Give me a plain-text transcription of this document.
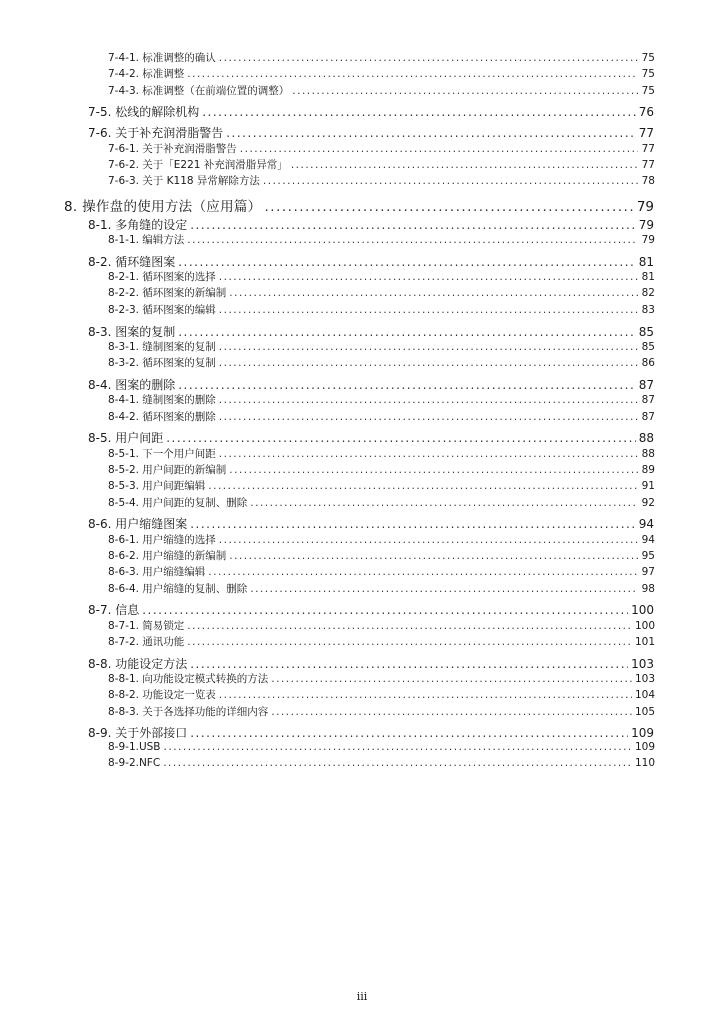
7-4-1. 标准调整的确认 .....	75
7-4-2. 标准调整 .....	75
7-4-3. 标准调整（在前端位置的调整） .....	75
7-5. 松线的解除机构 .....	76
7-6. 关于补充润滑脂警告 .....	77
7-6-1. 关于补充润滑脂警告 .....	77
7-6-2. 关于「E221 补充润滑脂异常」 .....	77
7-6-3. 关于 K118 异常解除方法 .....	78
8. 操作盘的使用方法（应用篇） .....	79
8-1. 多角缝的设定 .....	79
8-1-1. 编辑方法 .....	79
8-2. 循环缝图案 .....	81
8-2-1. 循环图案的选择 .....	81
8-2-2. 循环图案的新编制 .....	82
8-2-3. 循环图案的编辑 .....	83
8-3. 图案的复制 .....	85
8-3-1. 缝制图案的复制 .....	85
8-3-2. 循环图案的复制 .....	86
8-4. 图案的删除 .....	87
8-4-1. 缝制图案的删除 .....	87
8-4-2. 循环图案的删除 .....	87
8-5. 用户间距 .....	88
8-5-1. 下一个用户间距 .....	88
8-5-2. 用户间距的新编制 .....	89
8-5-3. 用户间距编辑 .....	91
8-5-4. 用户间距的复制、删除 .....	92
8-6. 用户缩缝图案 .....	94
8-6-1. 用户缩缝的选择 .....	94
8-6-2. 用户缩缝的新编制 .....	95
8-6-3. 用户缩缝编辑 .....	97
8-6-4. 用户缩缝的复制、删除 .....	98
8-7. 信息 .....	100
8-7-1. 简易锁定 .....	100
8-7-2. 通讯功能 .....	101
8-8. 功能设定方法 .....	103
8-8-1. 向功能设定模式转换的方法 .....	103
8-8-2. 功能设定一览表 .....	104
8-8-3. 关于各选择功能的详细内容 .....	105
8-9. 关于外部接口 .....	109
8-9-1.USB .....	109
8-9-2.NFC .....	110
iii
